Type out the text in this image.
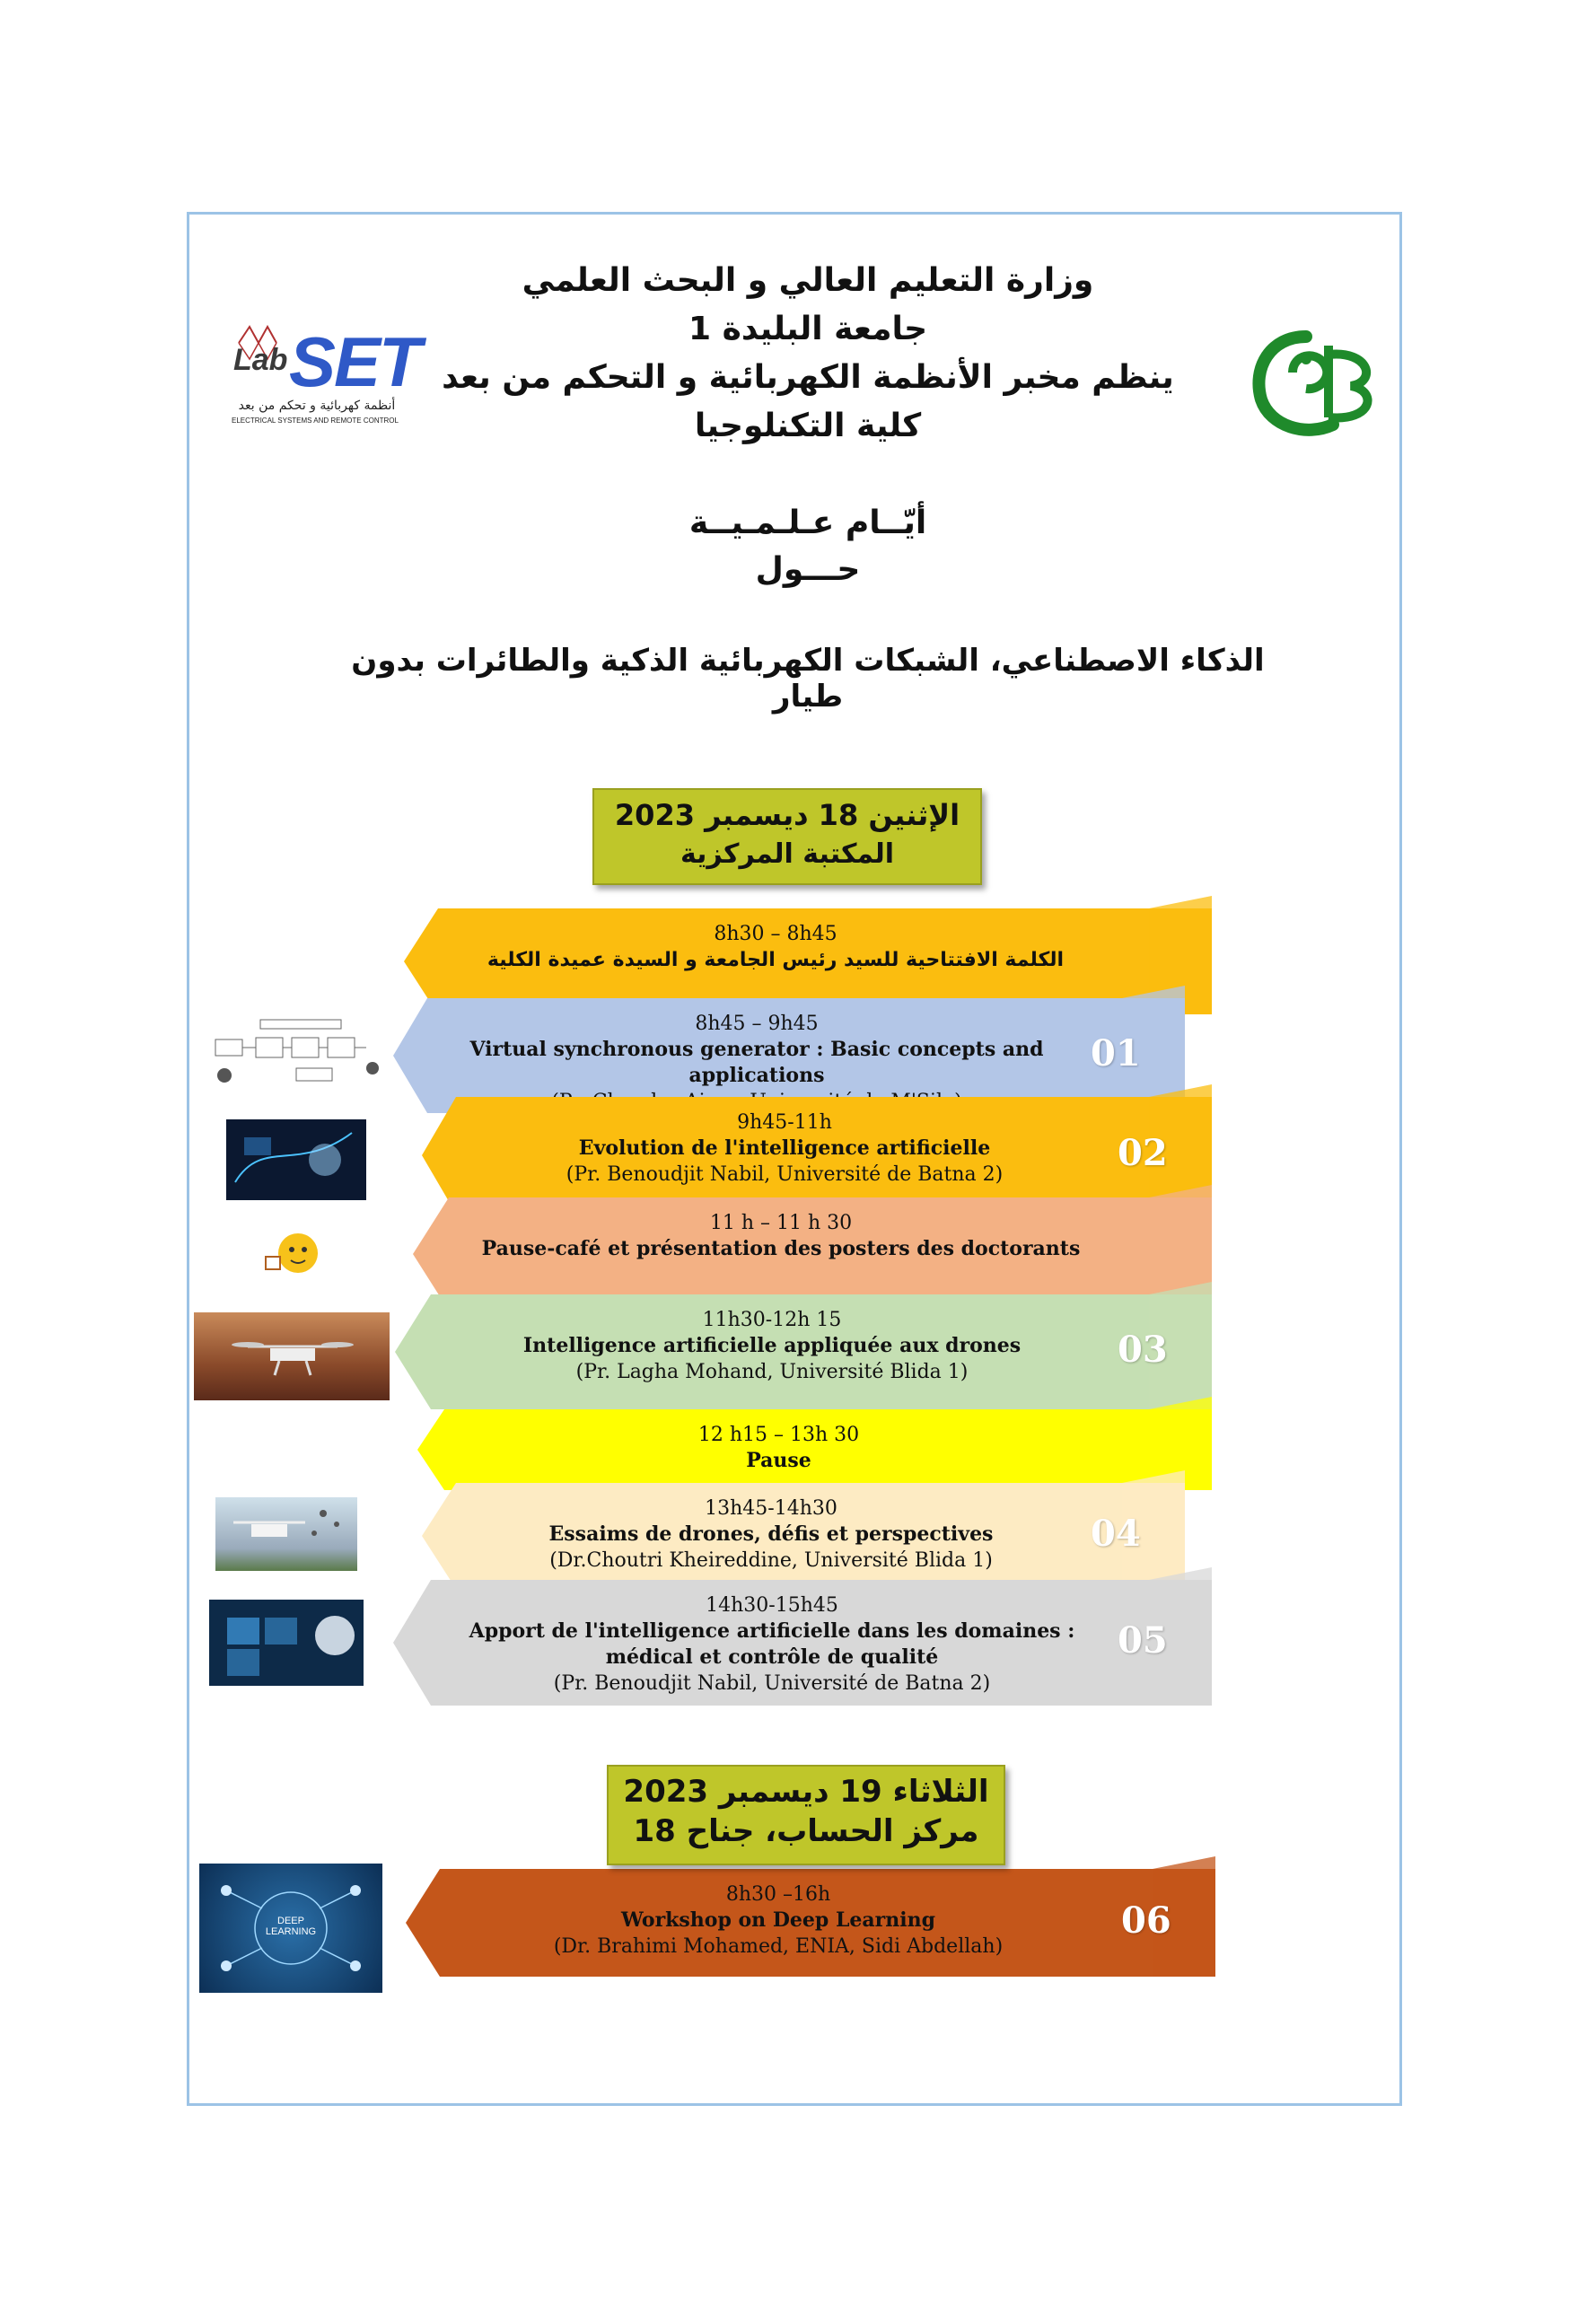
Lab SET
أنظمة كهربائية و تحكم من بعد
ELECTRICAL SYSTEMS AND REMOTE CONTROL
وزارة التعليم العالي و البحث العلمي
جامعة البليدة 1
ينظم مخبر الأنظمة الكهربائية و التحكم من بعد
كلية التكنلوجيا
أيّــام عـلـمـيــة
حـــول
الذكاء الاصطناعي، الشبكات الكهربائية الذكية والطائرات بدون طيار
الإثنين 18 ديسمبر 2023
المكتبة المركزية
8h30 – 8h45
الكلمة الافتتاحية للسيد رئيس الجامعة و السيدة عميدة الكلية
8h45 – 9h45
Virtual synchronous generator : Basic concepts and applications
01
9h45-11h
Evolution de l'intelligence artificielle
(Pr. Benoudjit Nabil, Université de Batna 2)
02
11 h – 11 h 30
Pause-café et présentation des posters des doctorants
11h30-12h 15
Intelligence artificielle appliquée aux drones
(Pr. Lagha Mohand, Université Blida 1)
03
12 h15 – 13h 30
Pause
13h45-14h30
Essaims de drones, défis et perspectives
(Dr.Choutri Kheireddine, Université Blida 1)
04
14h30-15h45
Apport de l'intelligence artificielle dans les domaines : médical et contrôle de qualité
(Pr. Benoudjit Nabil, Université de Batna 2)
05
8h30 –16h
Workshop on Deep Learning
(Dr. Brahimi Mohamed, ENIA, Sidi Abdellah)
06
الثلاثاء 19 ديسمبر 2023
مركز الحساب، جناح 18
DEEP LEARNING
